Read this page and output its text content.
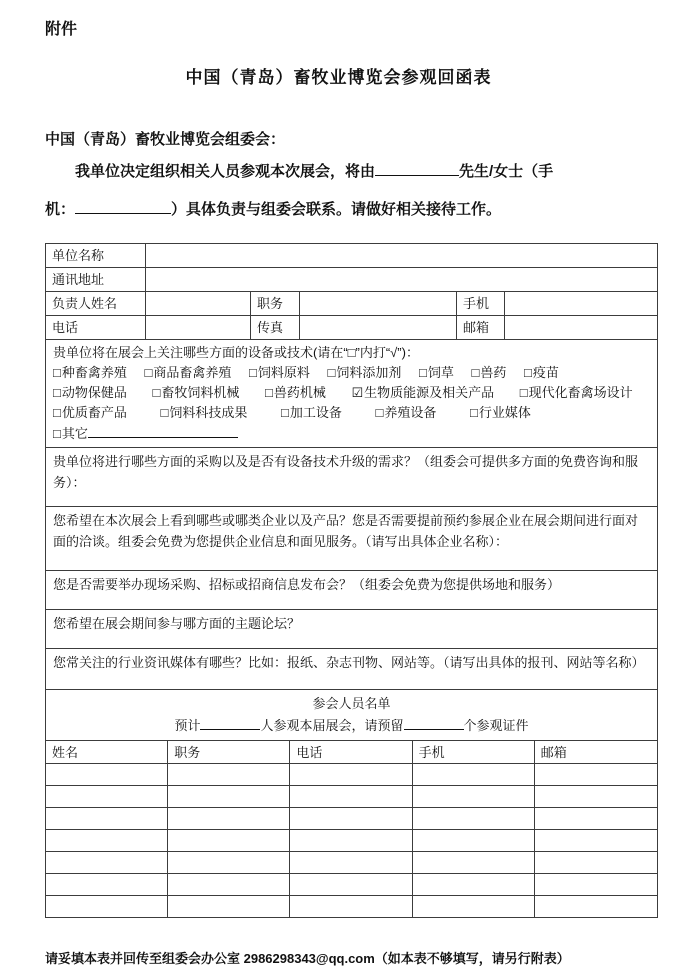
附件

中国（青岛）畜牧业博览会参观回函表

中国（青岛）畜牧业博览会组委会：

我单位决定组织相关人员参观本次展会，将由	先生/女士（手

机：	）具体负责与组委会联系。请做好相关接待工作。

单位名称
通讯地址
负责人姓名	职务	手机
电话	传真	邮箱
贵单位将在展会上关注哪些方面的设备或技术(请在“□”内打“√”)：
□种畜禽养殖 □商品畜禽养殖 □饲料原料 □饲料添加剂 □饲草 □兽药 □疫苗
□动物保健品 □畜牧饲料机械 □兽药机械 ☑生物质能源及相关产品 □现代化畜禽场设计
□优质畜产品	□饲料科技成果	□加工设备	□养殖设备	□行业媒体
□其它
贵单位将进行哪些方面的采购以及是否有设备技术升级的需求？（组委会可提供多方面的免费咨询和服务）：
您希望在本次展会上看到哪些或哪类企业以及产品？您是否需要提前预约参展企业在展会期间进行面对面的洽谈。组委会免费为您提供企业信息和面见服务。（请写出具体企业名称）：
您是否需要举办现场采购、招标或招商信息发布会？（组委会免费为您提供场地和服务）
您希望在展会期间参与哪方面的主题论坛？
您常关注的行业资讯媒体有哪些？比如：报纸、杂志刊物、网站等。（请写出具体的报刊、网站等名称）
参会人员名单
预计	人参观本届展会，请预留	个参观证件
姓名	职务	电话	手机	邮箱

请妥填本表并回传至组委会办公室 2986298343@qq.com（如本表不够填写，请另行附表）
